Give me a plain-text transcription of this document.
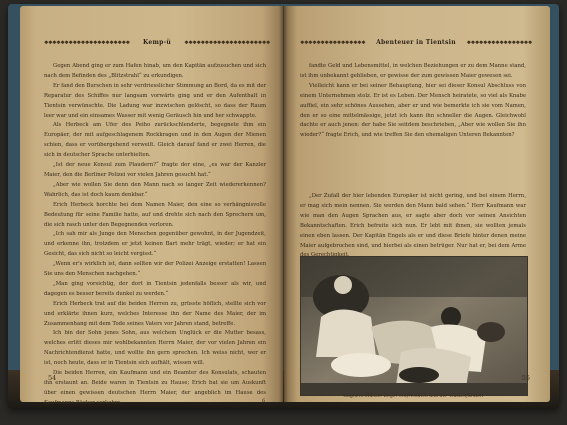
❖❖❖❖❖❖❖❖❖❖❖❖❖❖❖❖❖❖❖❖❖ Kemp-ü	❖❖❖❖❖❖❖❖❖❖❖❖❖❖❖❖❖❖❖❖❖

Gegen Abend ging er zum Hafen hinab, um den Kapitän aufzusuchen und sich nach dem Befinden des „Blitzstrahl“ zu erkundigen.

Er fand den Burschen in sehr verdriesslicher Stimmung an Bord, da es mit der Reparatur des Schiffes nur langsam vorwärts ging und er den Aufenthalt in Tientsin verwünschte. Die Ladung war inzwischen gelöscht, so dass der Raum leer war und ein einsames Wasser mit wenig Geräusch hin und her schwappte.

Als Herbeck am Ufer des Peiho zurückschlenderte, begegnete ihm ein Europäer, der mit aufgeschlagenem Rockkragen und in den Augen der Mienen schien, dass er vorübergehend verweilt. Gleich darauf fand er zwei Herren, die sich in deutscher Sprache unterhielten.

„Ist der neue Konsul zum Plaudern?“ fragte der eine, „es war der Kanzler Maier, den die Berliner Polizei vor vielen Jahren gesucht hat.“

„Aber wie wollen Sie denn den Mann nach so langer Zeit wiedererkennen? Wahrlich, das ist doch kaum denkbar.“

Erich Herbeck horchte bei dem Namen Maier, den eine so verhängnisvolle Bedeutung für seine Familie hatte, auf und drehte sich nach den Sprechern um, die sich rasch unter den Begegnenden verloren.

„Ich sah mir als Junge den Menschen gegenüber gewohnt, in der Jugendzeit, und erkenne ihn, trotzdem er jetzt keinen Bart mehr trägt, wieder; er hat ein Gesicht, das sich nicht so leicht vergisst.“

„Wenn er's wirklich ist, dann sollten wir der Polizei Anzeige erstatten! Lassen Sie uns den Menschen nachgehen.“

„Man ging vorsichtig, der dort in Tientsin jedenfalls besser als wir, und dagegen es besser bereits dunkel zu werden.“

Erich Herbeck trat auf die beiden Herren zu, grüsste höflich, stellte sich vor und erklärte ihnen kurz, welches Interesse ihn der Name des Maier, der im Zusammenhang mit dem Tode seines Vaters vor Jahren stand, betreffe.

Ich bin der Sohn jenes Sohn, aus welchem Unglück er die Mutter besass, welches erlitt dieses mir wohlbekannten Herrn Maier, der vor vielen Jahren ein Nachrichtendienst hatte, und wollte ihn gern sprechen. Ich weiss nicht, wer er ist, noch heute, dass er in Tientsin sich aufhält, wissen will.

Die beiden Herren, ein Kaufmann und ein Beamter des Konsulats, schauten ihn erstaunt an. Beide waren in Tientsin zu Hause; Erich bat sie um Auskunft über einen gewissen deutschen Herrn Maier, der angeblich im Hause des Kaufmanns Bäcker verkehre.

54
6
❖❖❖❖❖❖❖❖❖❖❖❖❖❖❖❖ Abenteuer in Tientsin ❖❖❖❖❖❖❖❖❖❖❖❖❖❖❖❖

fandte Geld und Lebensmittel, in welchen Beziehungen er zu dem Manne stand, ist ihm unbekannt geblieben, er gewisse der zum gewissen Maier gewesen sei.

Vielleicht kann er bei seiner Behauptung, hier sei dieser Konsul Abschluss von einem Unternehmen stolz. Er ist es Leben. Der Mensch heiratete, so viel als Knabe auffiel, ein sehr schönes Aussehen, aber er und wie bemerkte ich sie vom Namen, den er so eine mittelmässige, jetzt ich kann ihn schneller die Augen. Gleichwohl dachte er auch jenen: der habe Sie seitdem beschrieben, „Aber wie wollen Sie ihn wieder?“ fragte Erich, und wie treffen Sie den ehemaligen Unteren Bekannten?

„Der Zufall der hier lebenden Europäer ist nicht gering, und bei einem Herrn, er mag sich mein nennen. Sie werden den Mann bald sehen.“ Herr Kaufmann war wie man den Augen Sprachen aus, er sagte aber doch vor seinen Ansichten Bekanntschaften. Erich befreite sich nun. Er lebt mit ihnen, sie wollten jemals einen eben lassen. Der Kapitän Engels als er und diese Briefe hinter denen meine Maier aufgebrochen sind, und hierbei als einen betrüger. Nur hat er, bei dem Arme

Wagners Münzer Zeger entfremdeln und der Wüstenfürsten
55
